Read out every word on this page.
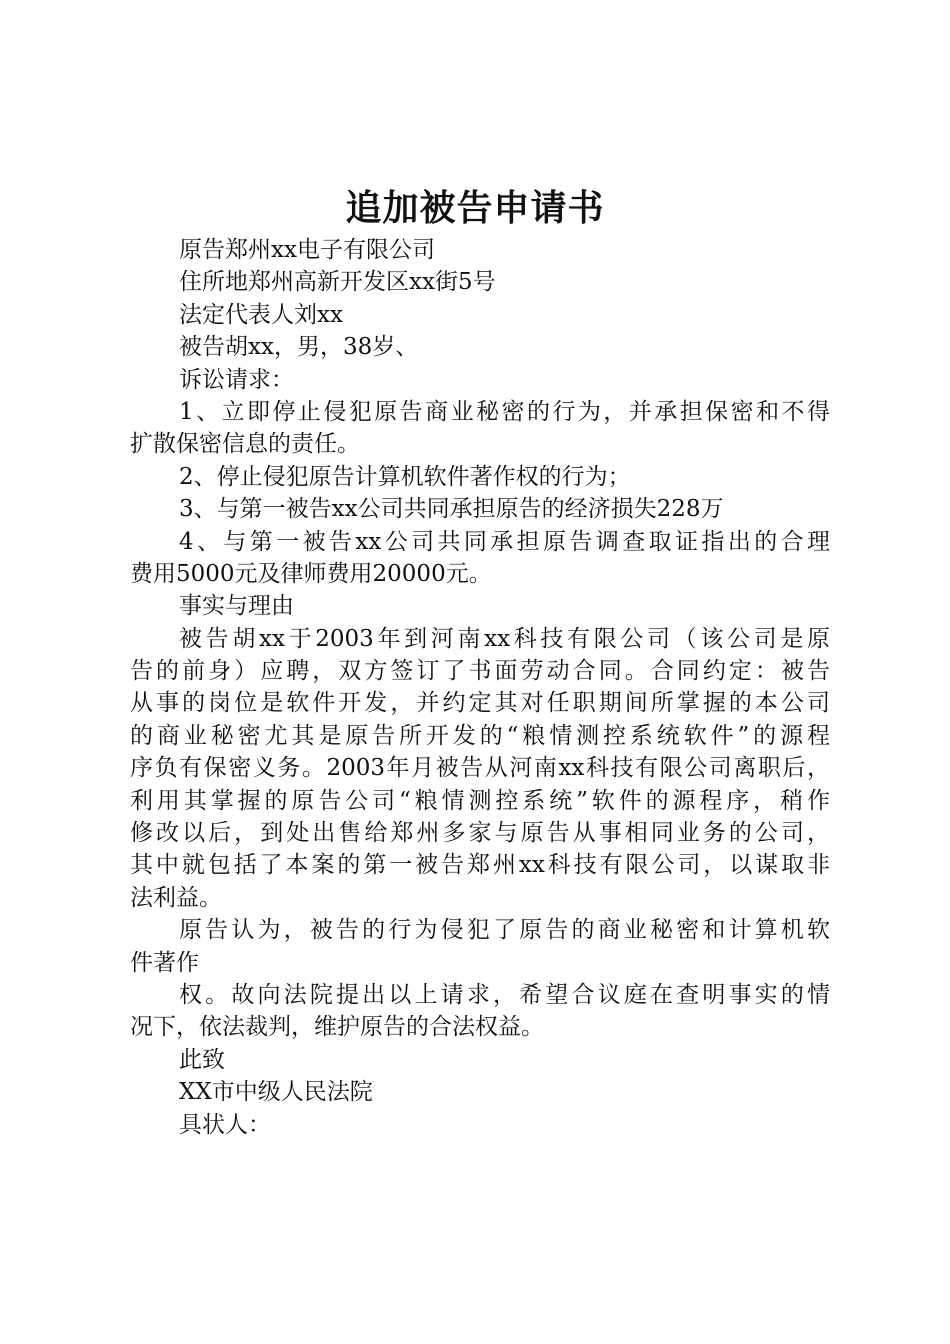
追加被告申请书
原告郑州xx电子有限公司
住所地郑州高新开发区xx街5号
法定代表人刘xx
被告胡xx，男，38岁、
诉讼请求：
1、立即停止侵犯原告商业秘密的行为，并承担保密和不得
扩散保密信息的责任。
2、停止侵犯原告计算机软件著作权的行为；
3、与第一被告xx公司共同承担原告的经济损失228万
4、与第一被告xx公司共同承担原告调查取证指出的合理
费用5000元及律师费用20000元。
事实与理由
被告胡xx于2003年到河南xx科技有限公司（该公司是原
告的前身）应聘，双方签订了书面劳动合同。合同约定：被告
从事的岗位是软件开发，并约定其对任职期间所掌握的本公司
的商业秘密尤其是原告所开发的“粮情测控系统软件”的源程
序负有保密义务。2003年月被告从河南xx科技有限公司离职后，
利用其掌握的原告公司“粮情测控系统”软件的源程序，稍作
修改以后，到处出售给郑州多家与原告从事相同业务的公司，
其中就包括了本案的第一被告郑州xx科技有限公司，以谋取非
法利益。
原告认为，被告的行为侵犯了原告的商业秘密和计算机软
件著作
权。故向法院提出以上请求，希望合议庭在查明事实的情
况下，依法裁判，维护原告的合法权益。
此致
XX市中级人民法院
具状人：
